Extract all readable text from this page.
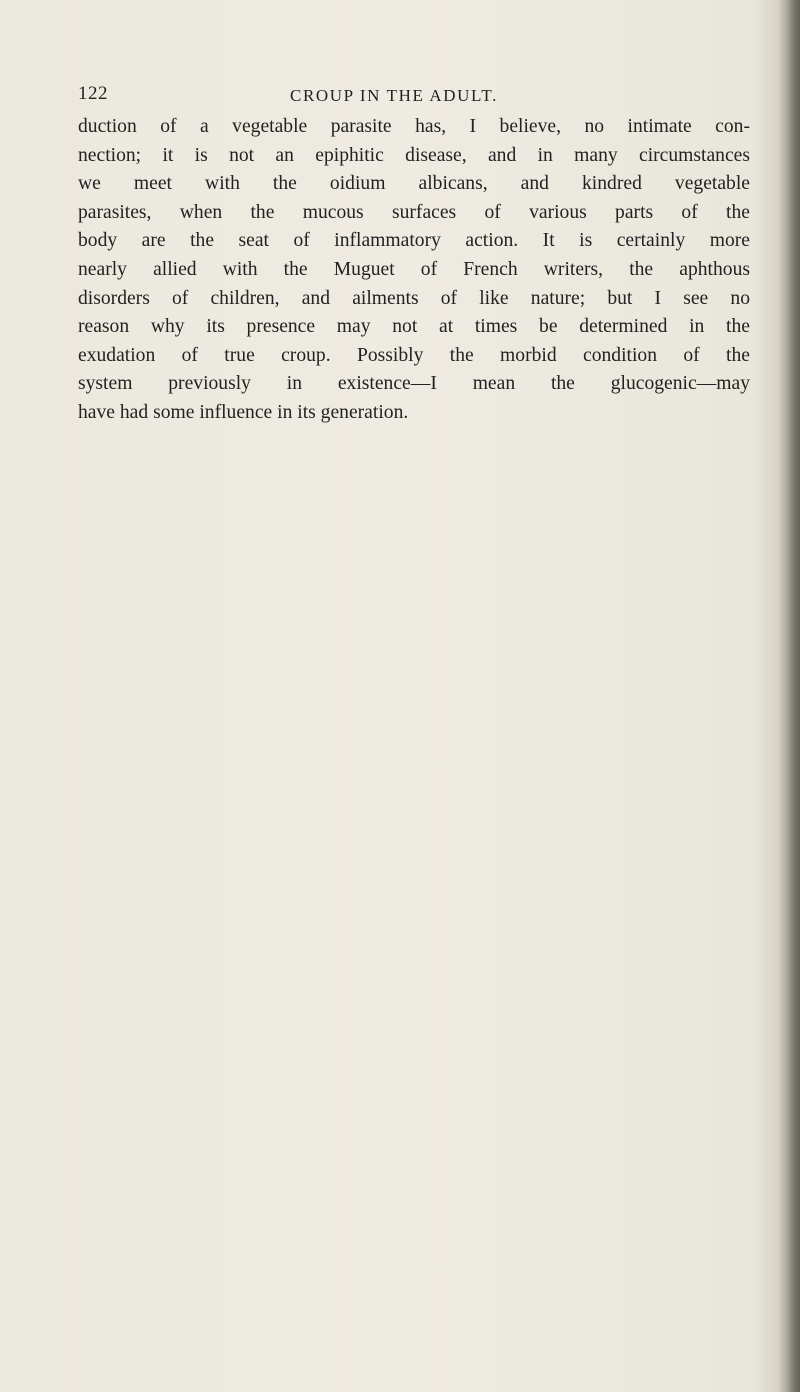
122	CROUP IN THE ADULT.
duction of a vegetable parasite has, I believe, no intimate con-
nection; it is not an epiphitic disease, and in many circumstances
we meet with the oidium albicans, and kindred vegetable
parasites, when the mucous surfaces of various parts of the
body are the seat of inflammatory action. It is certainly more
nearly allied with the Muguet of French writers, the aphthous
disorders of children, and ailments of like nature; but I see no
reason why its presence may not at times be determined in the
exudation of true croup. Possibly the morbid condition of the
system previously in existence—I mean the glucogenic—may
have had some influence in its generation.
